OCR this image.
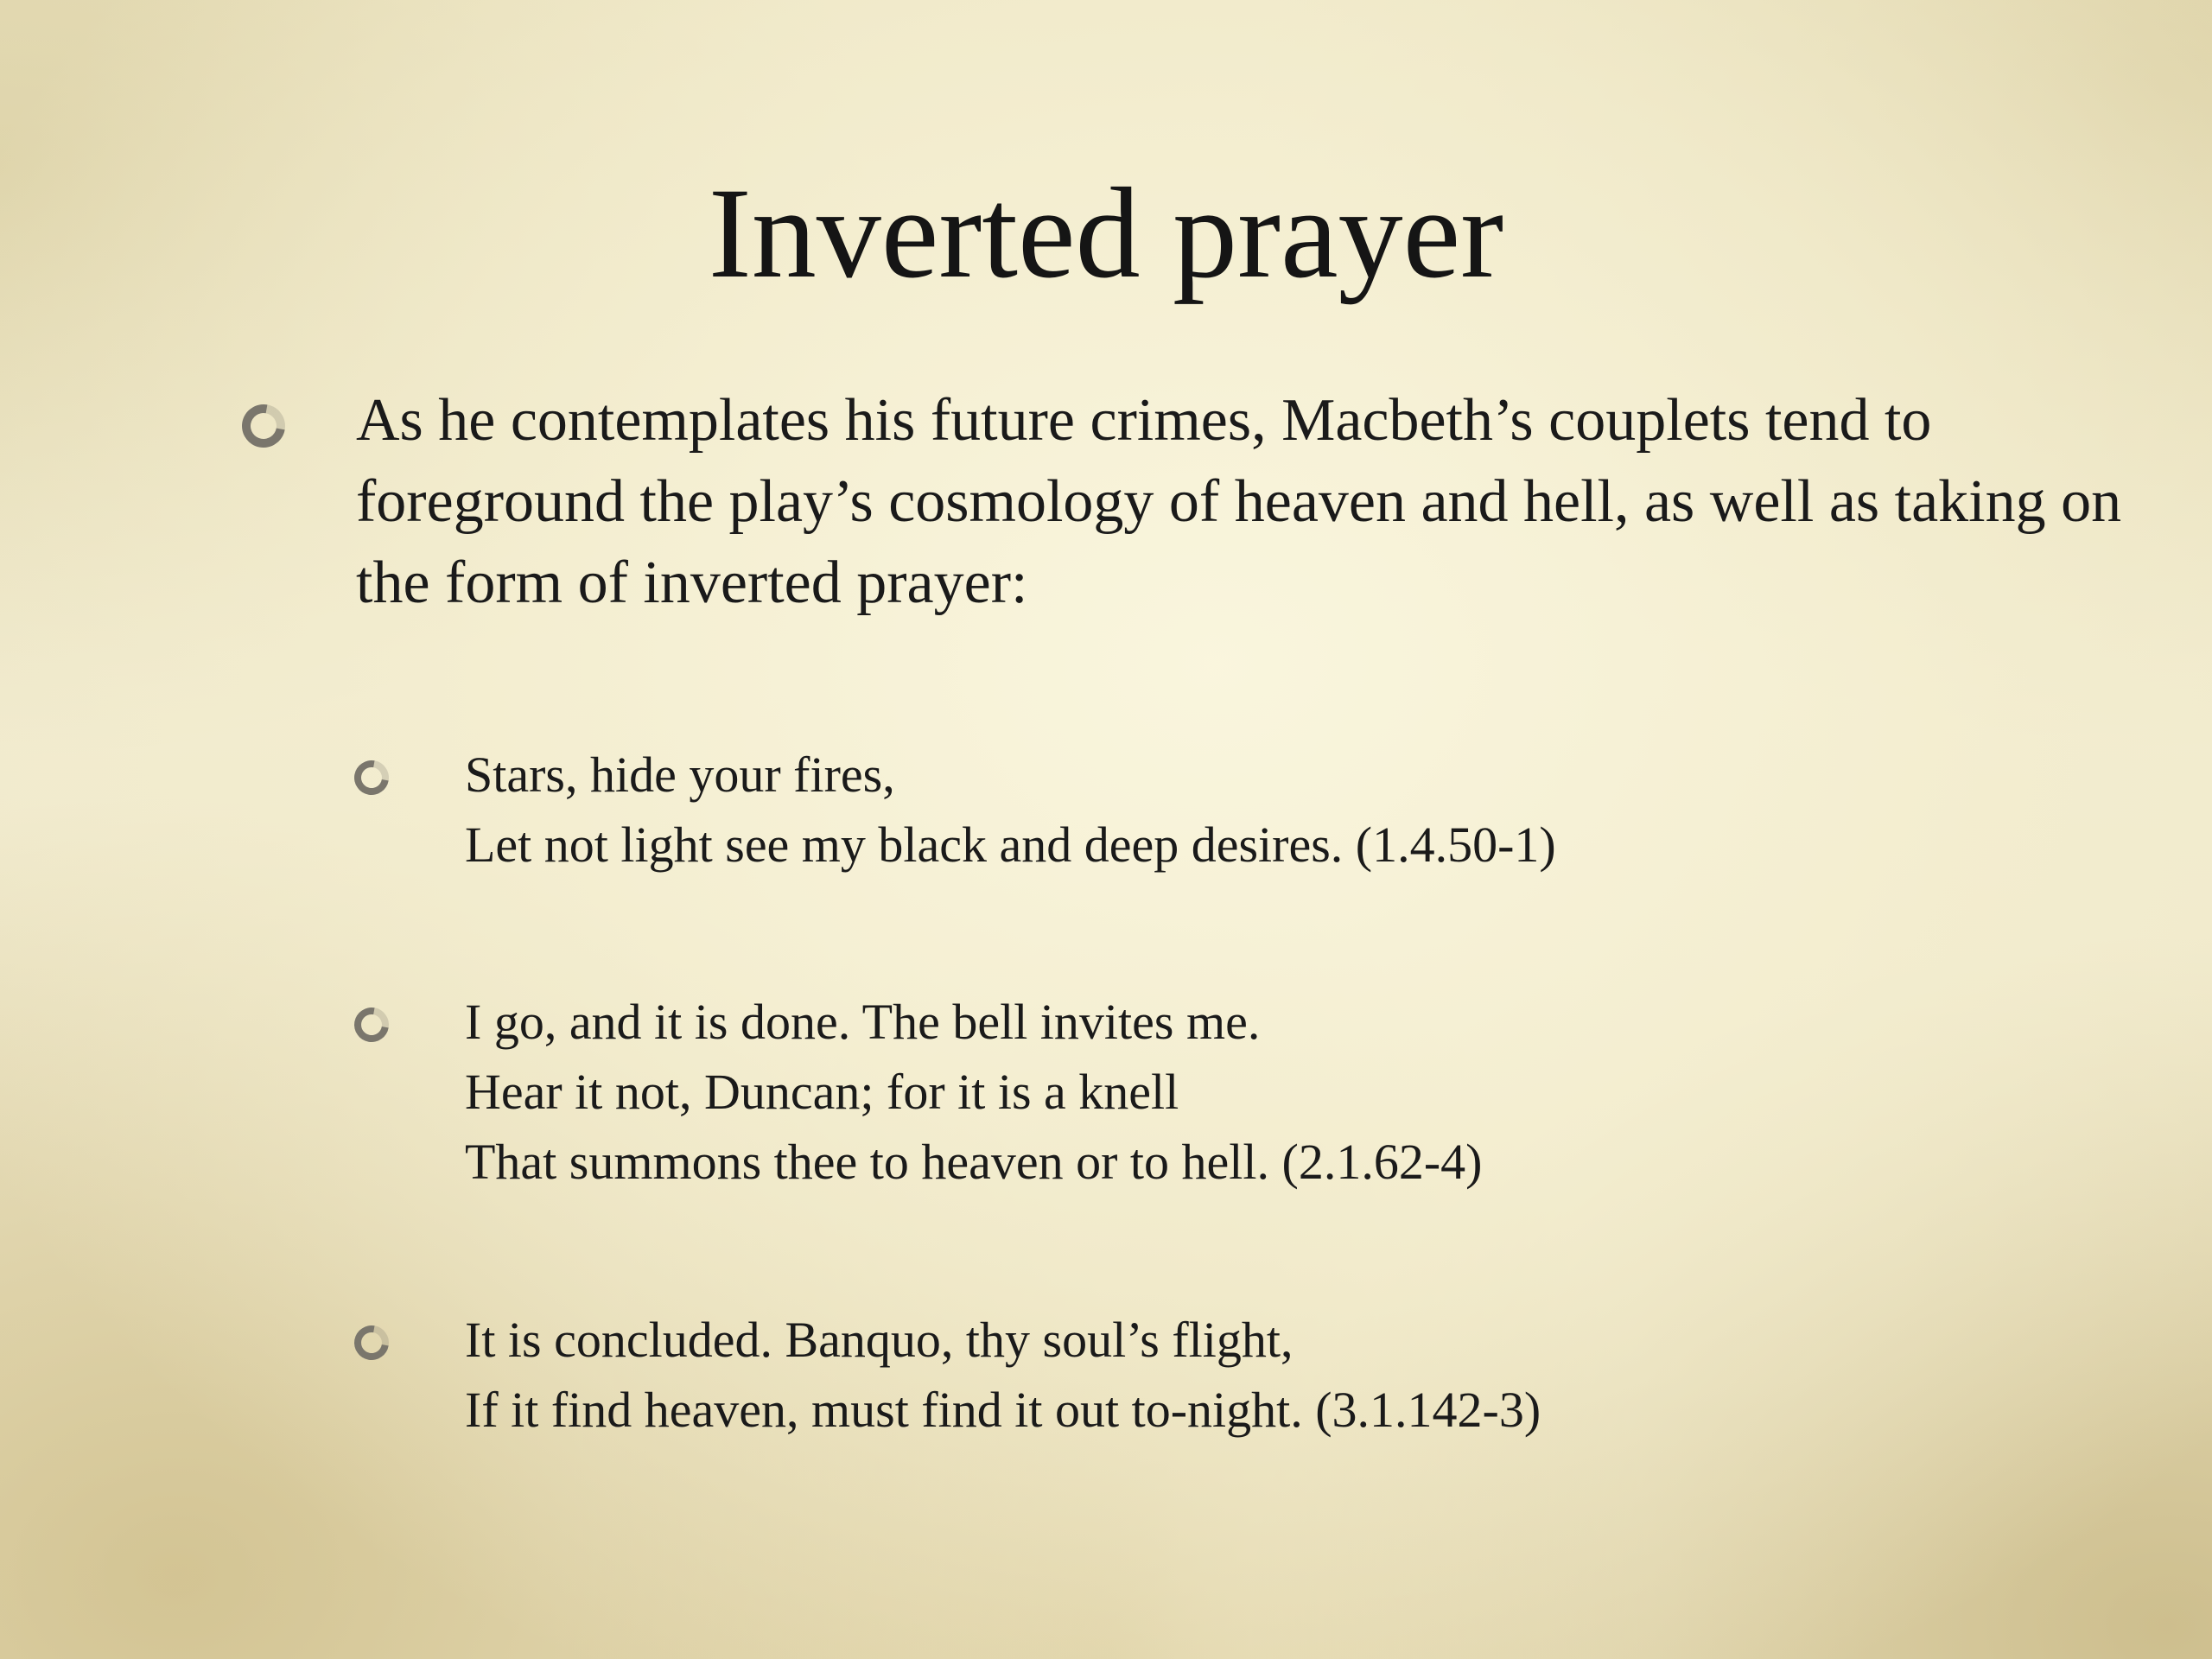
Inverted prayer
As he contemplates his future crimes, Macbeth’s couplets tend to foreground the play’s cosmology of heaven and hell, as well as taking on the form of inverted prayer:
Stars, hide your fires,
Let not light see my black and deep desires. (1.4.50-1)
I go, and it is done. The bell invites me.
Hear it not, Duncan; for it is a knell
That summons thee to heaven or to hell. (2.1.62-4)
It is concluded. Banquo, thy soul’s flight,
If it find heaven, must find it out to-night. (3.1.142-3)
